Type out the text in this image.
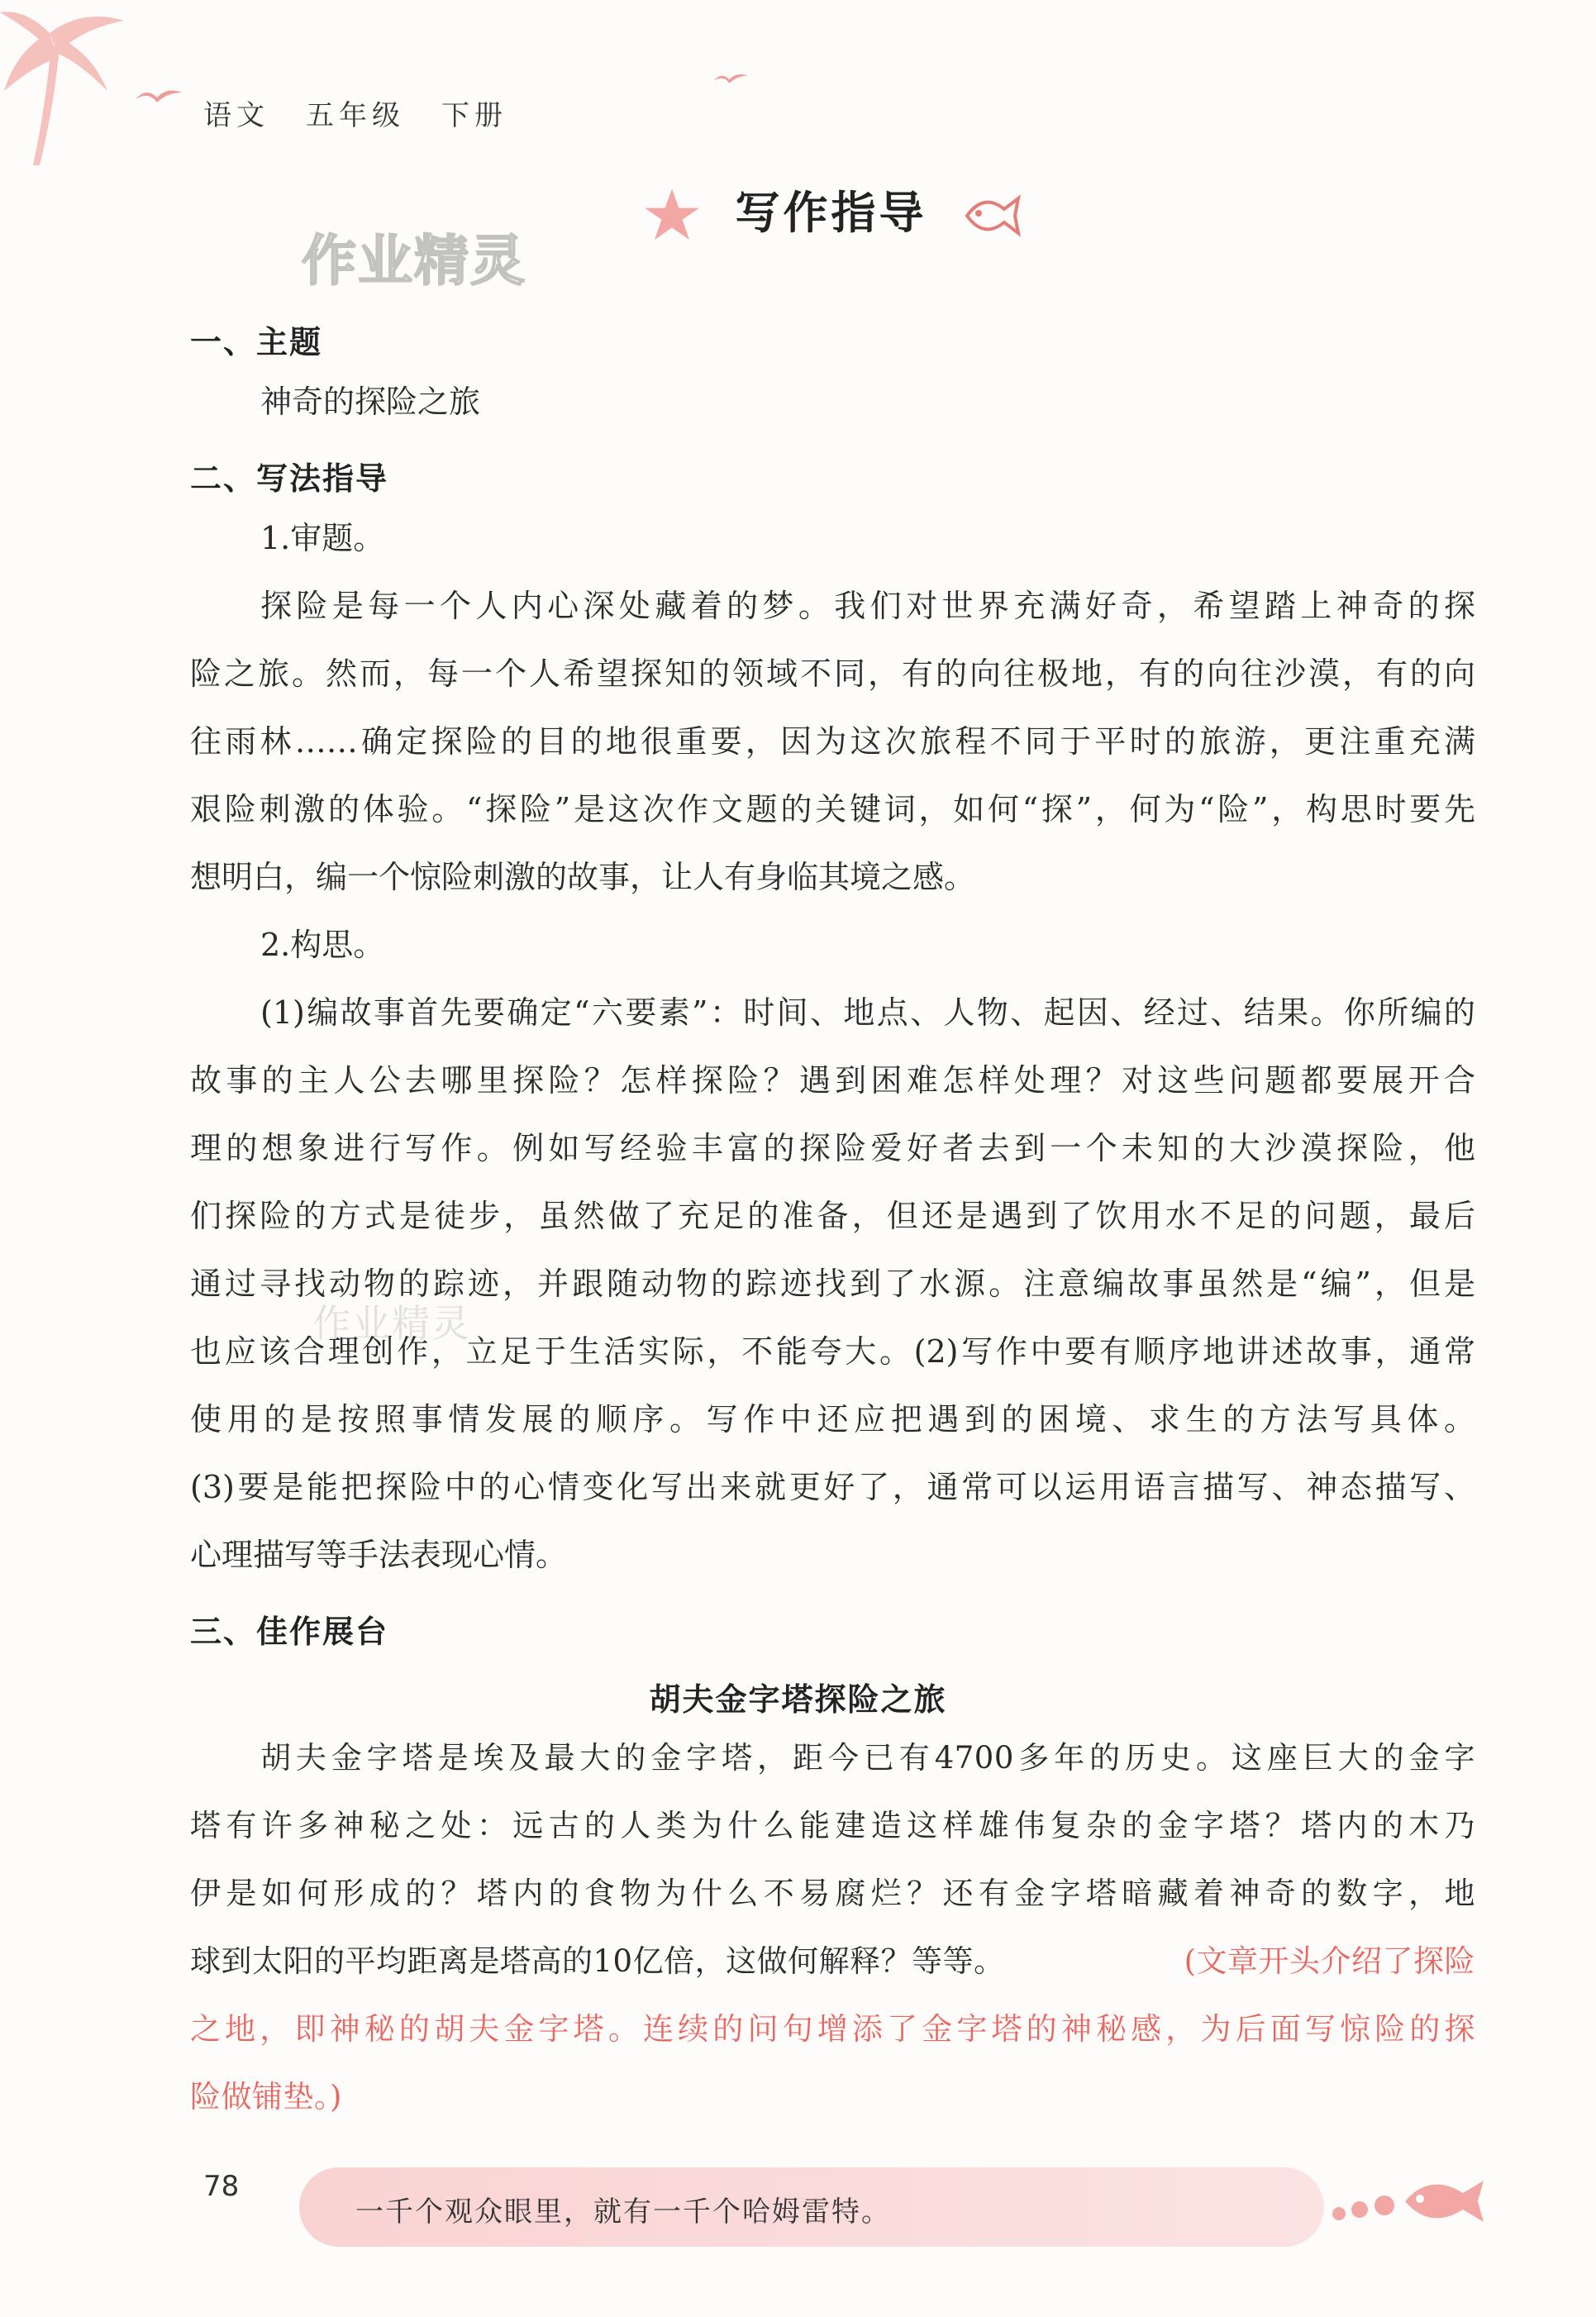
语文 五年级 下册
写作指导
作业精灵
作业精灵
一、主题
神奇的探险之旅
二、写法指导
1.审题。
探险是每一个人内心深处藏着的梦。我们对世界充满好奇，希望踏上神奇的探
险之旅。然而，每一个人希望探知的领域不同，有的向往极地，有的向往沙漠，有的向
往雨林……确定探险的目的地很重要，因为这次旅程不同于平时的旅游，更注重充满
艰险刺激的体验。“探险”是这次作文题的关键词，如何“探”，何为“险”，构思时要先
想明白，编一个惊险刺激的故事，让人有身临其境之感。
2.构思。
(1)编故事首先要确定“六要素”：时间、地点、人物、起因、经过、结果。你所编的
故事的主人公去哪里探险？怎样探险？遇到困难怎样处理？对这些问题都要展开合
理的想象进行写作。例如写经验丰富的探险爱好者去到一个未知的大沙漠探险，他
们探险的方式是徒步，虽然做了充足的准备，但还是遇到了饮用水不足的问题，最后
通过寻找动物的踪迹，并跟随动物的踪迹找到了水源。注意编故事虽然是“编”，但是
也应该合理创作，立足于生活实际，不能夸大。(2)写作中要有顺序地讲述故事，通常
使用的是按照事情发展的顺序。写作中还应把遇到的困境、求生的方法写具体。
(3)要是能把探险中的心情变化写出来就更好了，通常可以运用语言描写、神态描写、
心理描写等手法表现心情。
三、佳作展台
胡夫金字塔探险之旅
胡夫金字塔是埃及最大的金字塔，距今已有4700多年的历史。这座巨大的金字
塔有许多神秘之处：远古的人类为什么能建造这样雄伟复杂的金字塔？塔内的木乃
伊是如何形成的？塔内的食物为什么不易腐烂？还有金字塔暗藏着神奇的数字，地
球到太阳的平均距离是塔高的10亿倍，这做何解释？等等。	(文章开头介绍了探险
之地，即神秘的胡夫金字塔。连续的问句增添了金字塔的神秘感，为后面写惊险的探
险做铺垫。)
一千个观众眼里，就有一千个哈姆雷特。
78
